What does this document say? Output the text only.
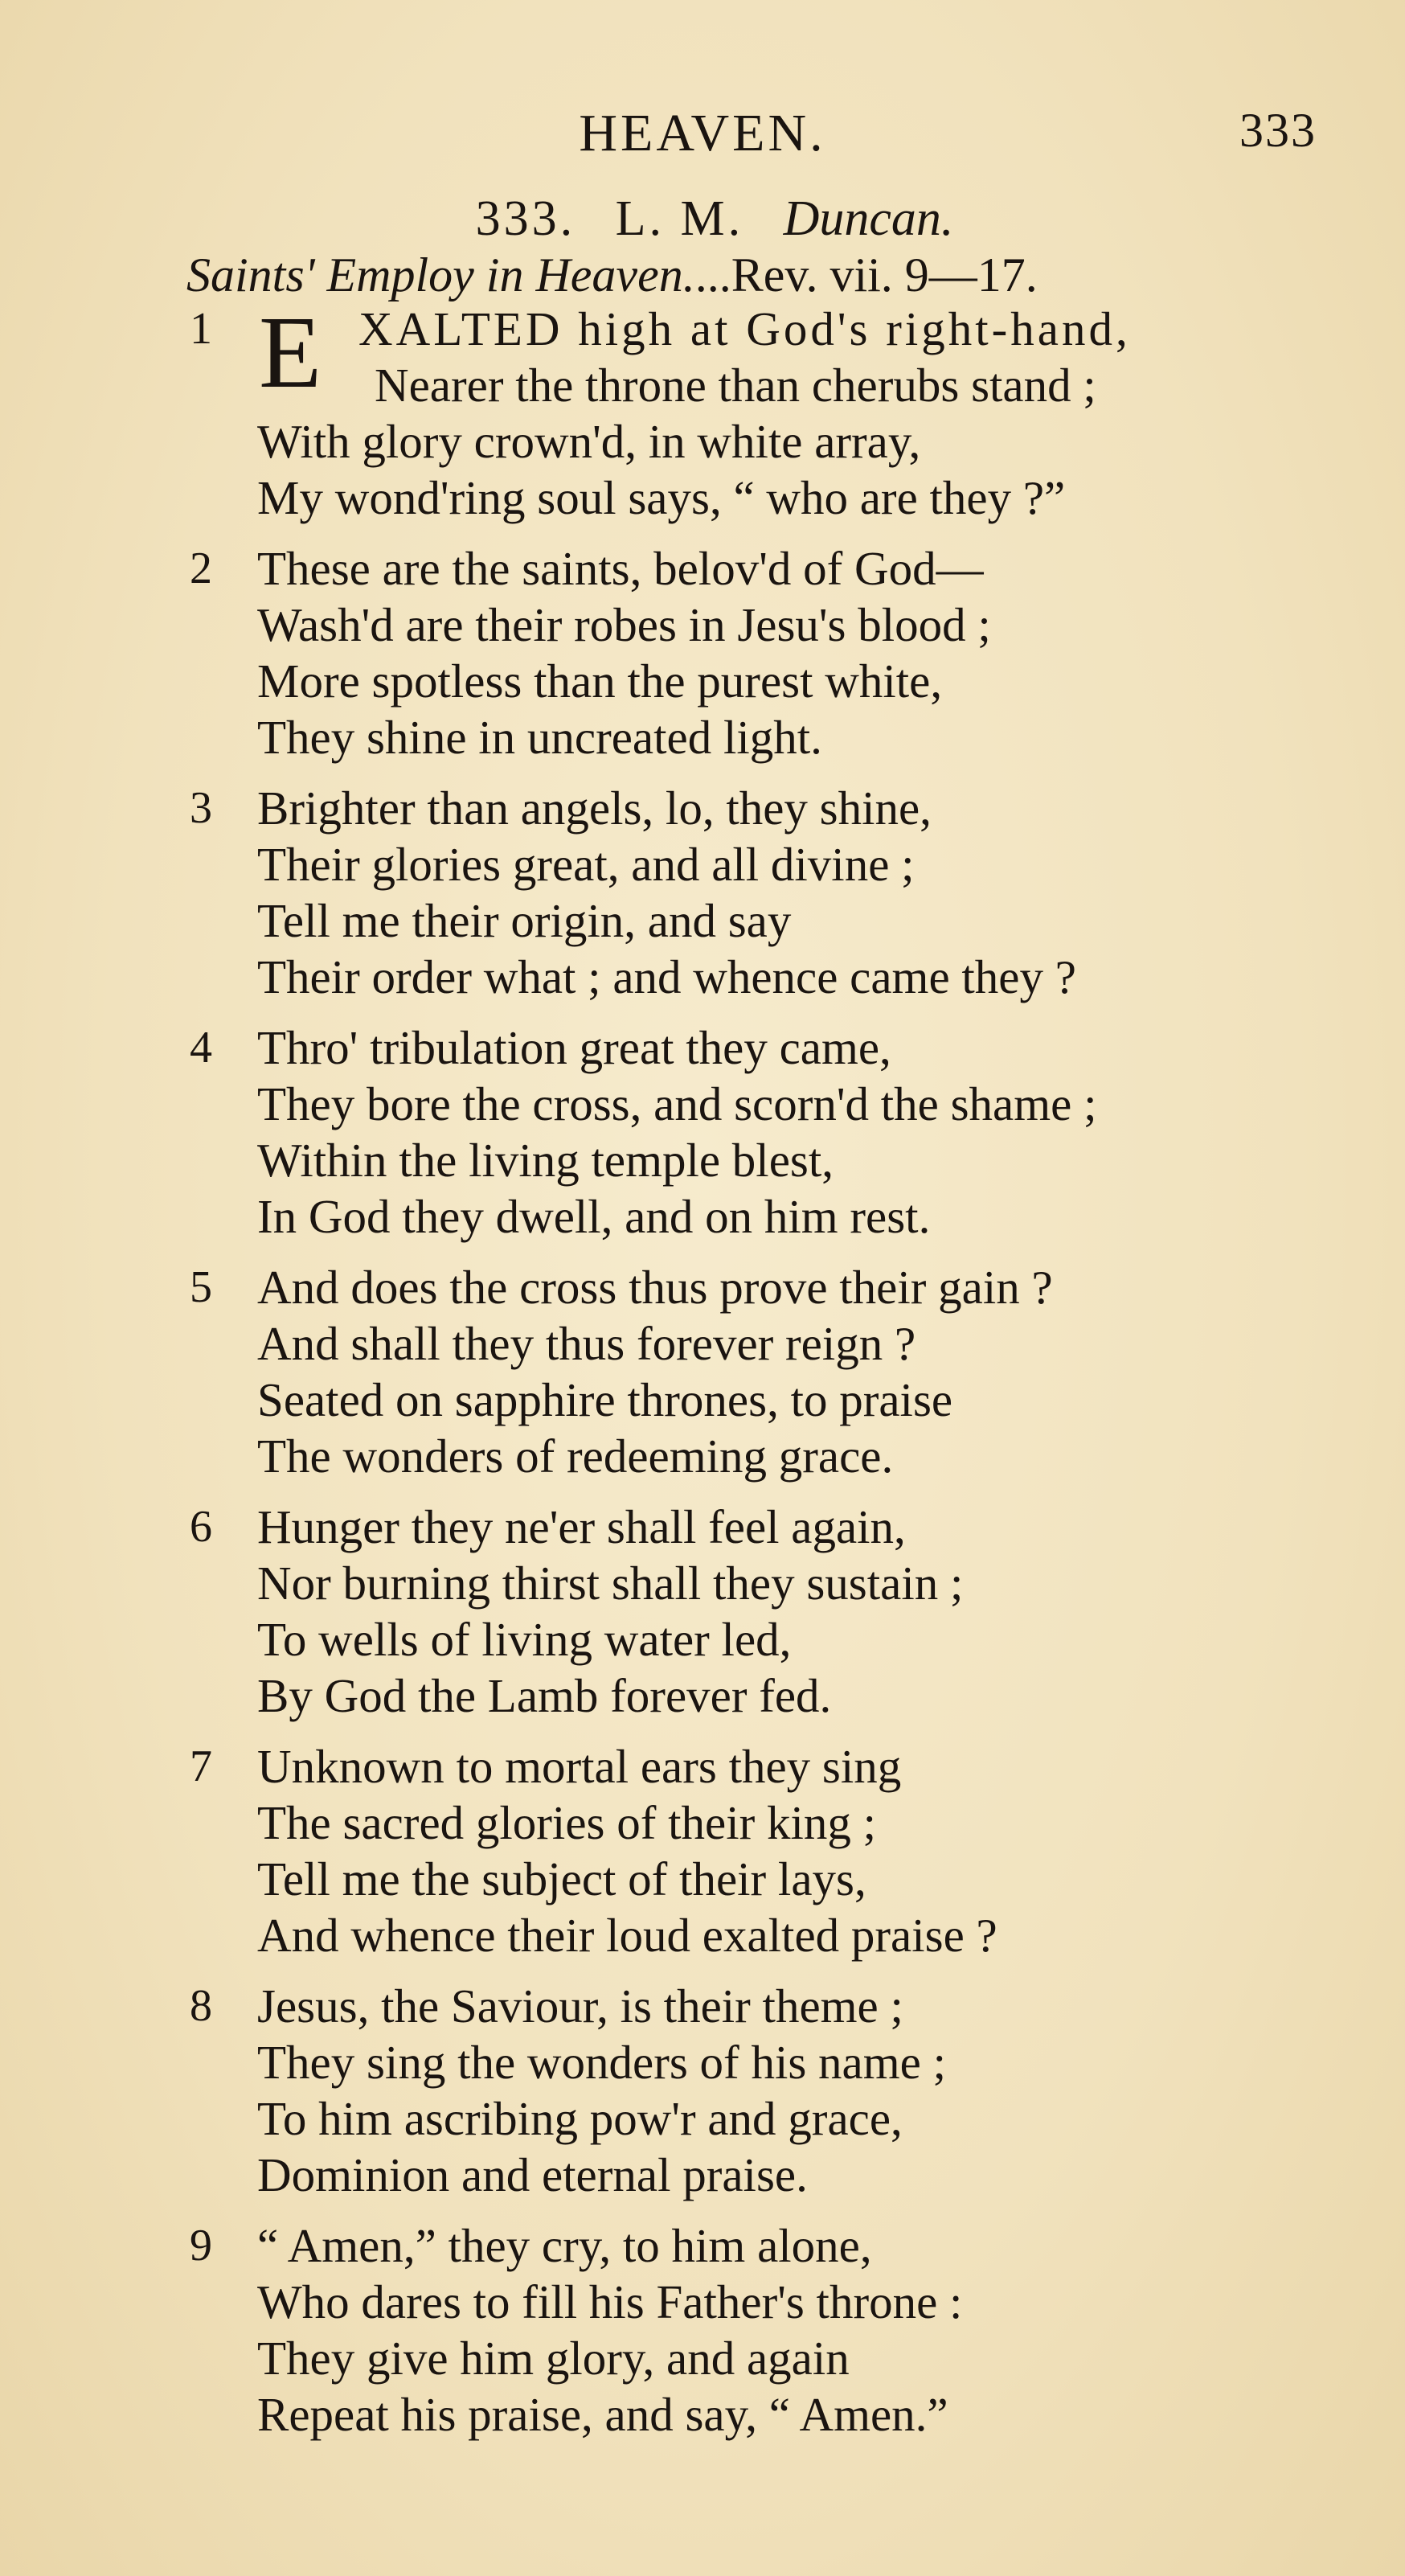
HEAVEN.	333
333. L. M. Duncan.
Saints' Employ in Heaven....Rev. vii. 9—17.
1 E XALTED high at God's right-hand,
Nearer the throne than cherubs stand ;
With glory crown'd, in white array,
My wond'ring soul says, “ who are they ?”
2 These are the saints, belov'd of God—
Wash'd are their robes in Jesu's blood ;
More spotless than the purest white,
They shine in uncreated light.
3 Brighter than angels, lo, they shine,
Their glories great, and all divine ;
Tell me their origin, and say
Their order what ; and whence came they ?
4 Thro' tribulation great they came,
They bore the cross, and scorn'd the shame ;
Within the living temple blest,
In God they dwell, and on him rest.
5 And does the cross thus prove their gain ?
And shall they thus forever reign ?
Seated on sapphire thrones, to praise
The wonders of redeeming grace.
6 Hunger they ne'er shall feel again,
Nor burning thirst shall they sustain ;
To wells of living water led,
By God the Lamb forever fed.
7 Unknown to mortal ears they sing
The sacred glories of their king ;
Tell me the subject of their lays,
And whence their loud exalted praise ?
8 Jesus, the Saviour, is their theme ;
They sing the wonders of his name ;
To him ascribing pow'r and grace,
Dominion and eternal praise.
9 “ Amen,” they cry, to him alone,
Who dares to fill his Father's throne :
They give him glory, and again
Repeat his praise, and say, “ Amen.”
